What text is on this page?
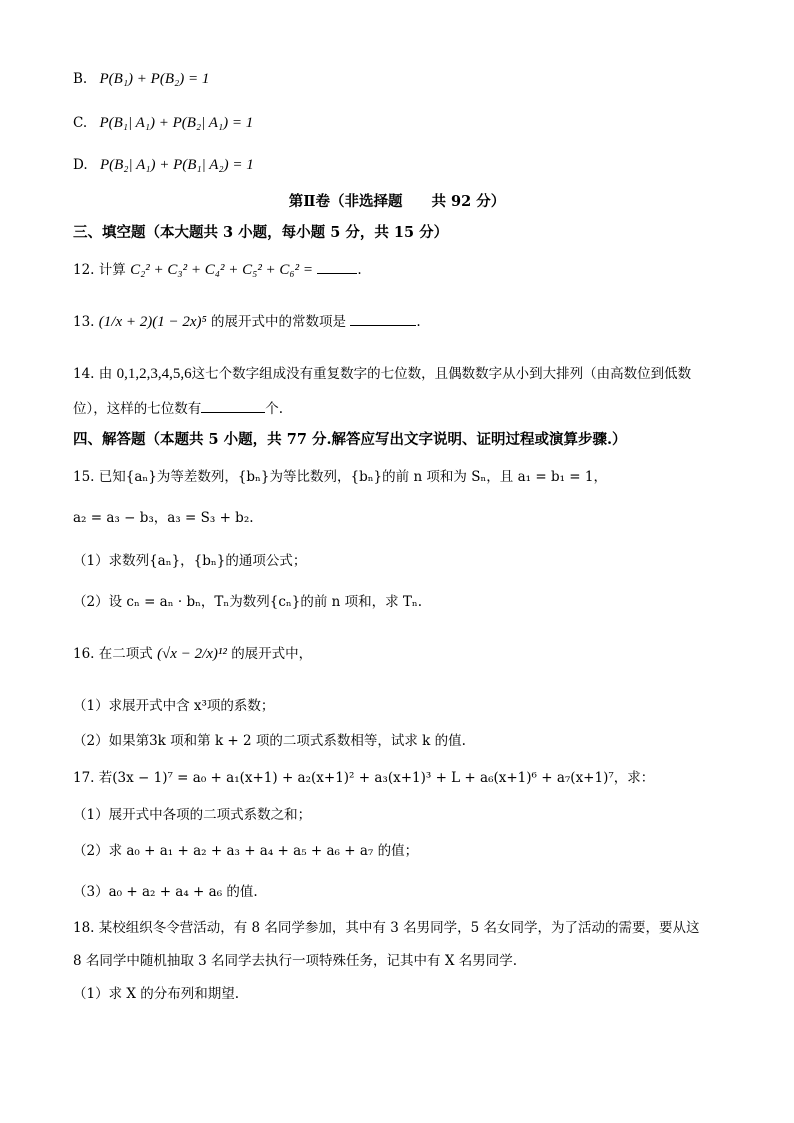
B. P(B₁) + P(B₂) = 1
C. P(B₁| A₁) + P(B₂| A₁) = 1
D. P(B₂| A₁) + P(B₁| A₂) = 1
第Ⅱ卷（非选择题　　共 92 分）
三、填空题（本大题共 3 小题，每小题 5 分，共 15 分）
12. 计算 C₂² + C₃² + C₄² + C₅² + C₆² =	.
13. (1/x + 2)(1 − 2x)⁵ 的展开式中的常数项是	.
14. 由 0,1,2,3,4,5,6这七个数字组成没有重复数字的七位数，且偶数数字从小到大排列（由高数位到低数
位），这样的七位数有	个.
四、解答题（本题共 5 小题，共 77 分.解答应写出文字说明、证明过程或演算步骤.）
15. 已知{aₙ}为等差数列，{bₙ}为等比数列，{bₙ}的前 n 项和为 Sₙ，且 a₁ = b₁ = 1，
a₂ = a₃ − b₃，a₃ = S₃ + b₂.
（1）求数列{aₙ}，{bₙ}的通项公式；
（2）设 cₙ = aₙ · bₙ，Tₙ为数列{cₙ}的前 n 项和，求 Tₙ.
16. 在二项式 (√x − 2/x)¹² 的展开式中，
（1）求展开式中含 x³项的系数；
（2）如果第3k 项和第 k + 2 项的二项式系数相等，试求 k 的值.
17. 若(3x − 1)⁷ = a₀ + a₁(x+1) + a₂(x+1)² + a₃(x+1)³ + L + a₆(x+1)⁶ + a₇(x+1)⁷，求：
（1）展开式中各项的二项式系数之和；
（2）求 a₀ + a₁ + a₂ + a₃ + a₄ + a₅ + a₆ + a₇ 的值；
（3）a₀ + a₂ + a₄ + a₆ 的值.
18. 某校组织冬令营活动，有 8 名同学参加，其中有 3 名男同学，5 名女同学，为了活动的需要，要从这
8 名同学中随机抽取 3 名同学去执行一项特殊任务，记其中有 X 名男同学.
（1）求 X 的分布列和期望.
